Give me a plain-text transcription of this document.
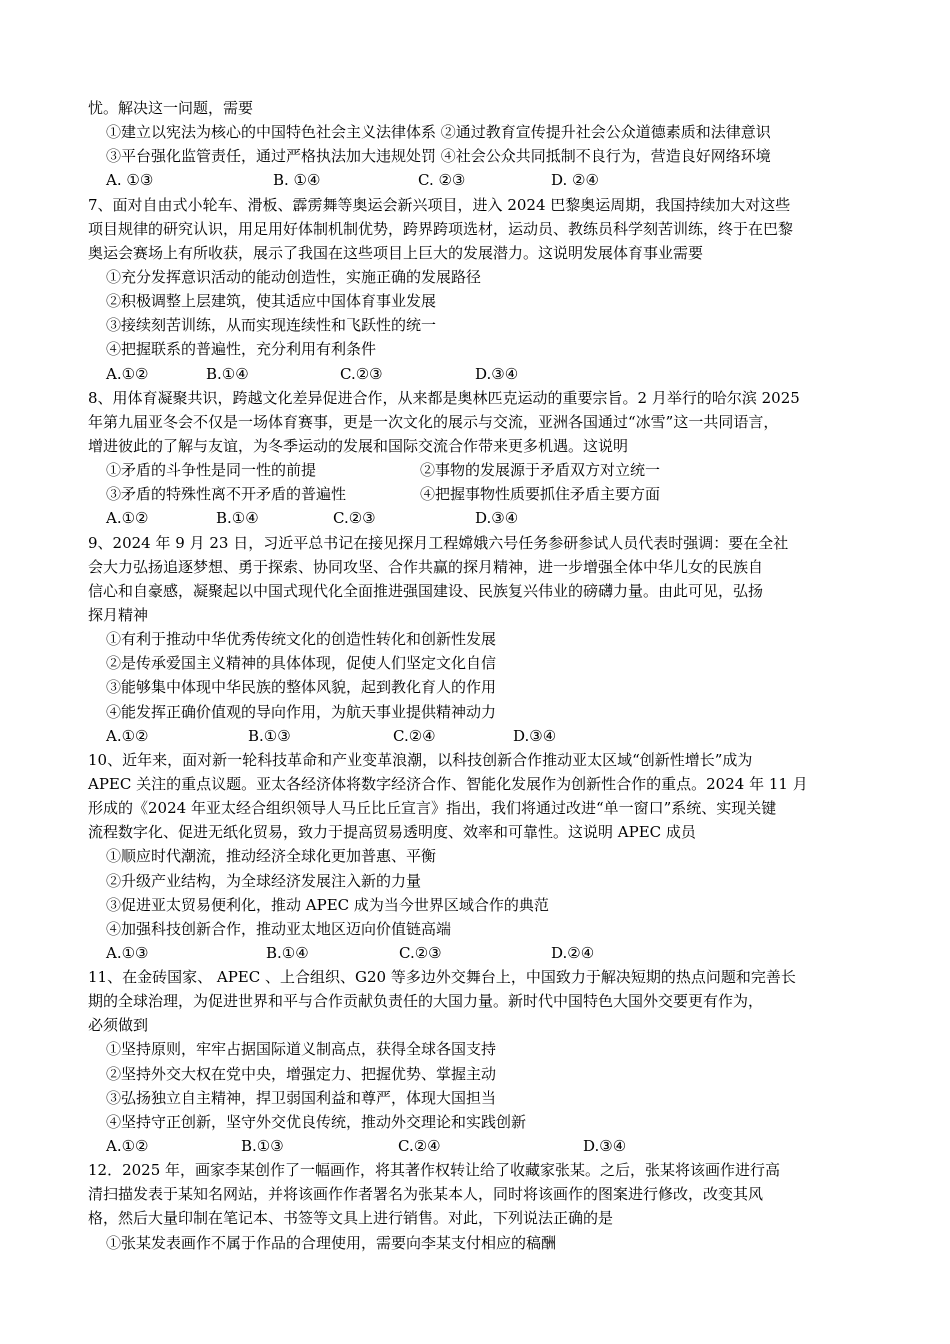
忧。解决这一问题，需要
①建立以宪法为核心的中国特色社会主义法律体系 ②通过教育宣传提升社会公众道德素质和法律意识
③平台强化监管责任，通过严格执法加大违规处罚 ④社会公众共同抵制不良行为，营造良好网络环境
A. ①③	B. ①④	C. ②③	D. ②④
7、面对自由式小轮车、滑板、霹雳舞等奥运会新兴项目，进入 2024 巴黎奥运周期，我国持续加大对这些
项目规律的研究认识，用足用好体制机制优势，跨界跨项选材，运动员、教练员科学刻苦训练，终于在巴黎
奥运会赛场上有所收获，展示了我国在这些项目上巨大的发展潜力。这说明发展体育事业需要
①充分发挥意识活动的能动创造性，实施正确的发展路径
②积极调整上层建筑，使其适应中国体育事业发展
③接续刻苦训练，从而实现连续性和飞跃性的统一
④把握联系的普遍性，充分利用有利条件
A.①②	B.①④	C.②③	D.③④
8、用体育凝聚共识，跨越文化差异促进合作，从来都是奥林匹克运动的重要宗旨。2 月举行的哈尔滨 2025
年第九届亚冬会不仅是一场体育赛事，更是一次文化的展示与交流，亚洲各国通过“冰雪”这一共同语言，
增进彼此的了解与友谊，为冬季运动的发展和国际交流合作带来更多机遇。这说明
①矛盾的斗争性是同一性的前提	②事物的发展源于矛盾双方对立统一
③矛盾的特殊性离不开矛盾的普遍性	④把握事物性质要抓住矛盾主要方面
A.①②	B.①④	C.②③	D.③④
9、2024 年 9 月 23 日，习近平总书记在接见探月工程嫦娥六号任务参研参试人员代表时强调：要在全社
会大力弘扬追逐梦想、勇于探索、协同攻坚、合作共赢的探月精神，进一步增强全体中华儿女的民族自
信心和自豪感，凝聚起以中国式现代化全面推进强国建设、民族复兴伟业的磅礴力量。由此可见，弘扬
探月精神
①有利于推动中华优秀传统文化的创造性转化和创新性发展
②是传承爱国主义精神的具体体现，促使人们坚定文化自信
③能够集中体现中华民族的整体风貌，起到教化育人的作用
④能发挥正确价值观的导向作用，为航天事业提供精神动力
A.①②	B.①③	C.②④	D.③④
10、近年来，面对新一轮科技革命和产业变革浪潮，以科技创新合作推动亚太区域“创新性增长”成为
APEC 关注的重点议题。亚太各经济体将数字经济合作、智能化发展作为创新性合作的重点。2024 年 11 月
形成的《2024 年亚太经合组织领导人马丘比丘宣言》指出，我们将通过改进“单一窗口”系统、实现关键
流程数字化、促进无纸化贸易，致力于提高贸易透明度、效率和可靠性。这说明 APEC 成员
①顺应时代潮流，推动经济全球化更加普惠、平衡
②升级产业结构，为全球经济发展注入新的力量
③促进亚太贸易便利化，推动 APEC 成为当今世界区域合作的典范
④加强科技创新合作，推动亚太地区迈向价值链高端
A.①③	B.①④	C.②③	D.②④
11、在金砖国家、 APEC 、上合组织、G20 等多边外交舞台上，中国致力于解决短期的热点问题和完善长
期的全球治理，为促进世界和平与合作贡献负责任的大国力量。新时代中国特色大国外交要更有作为，
必须做到
①坚持原则，牢牢占据国际道义制高点，获得全球各国支持
②坚持外交大权在党中央，增强定力、把握优势、掌握主动
③弘扬独立自主精神，捍卫弱国利益和尊严，体现大国担当
④坚持守正创新，坚守外交优良传统，推动外交理论和实践创新
A.①②	B.①③	C.②④	D.③④
12．2025 年，画家李某创作了一幅画作，将其著作权转让给了收藏家张某。之后，张某将该画作进行高
清扫描发表于某知名网站，并将该画作作者署名为张某本人，同时将该画作的图案进行修改，改变其风
格，然后大量印制在笔记本、书签等文具上进行销售。对此，下列说法正确的是
①张某发表画作不属于作品的合理使用，需要向李某支付相应的稿酬
